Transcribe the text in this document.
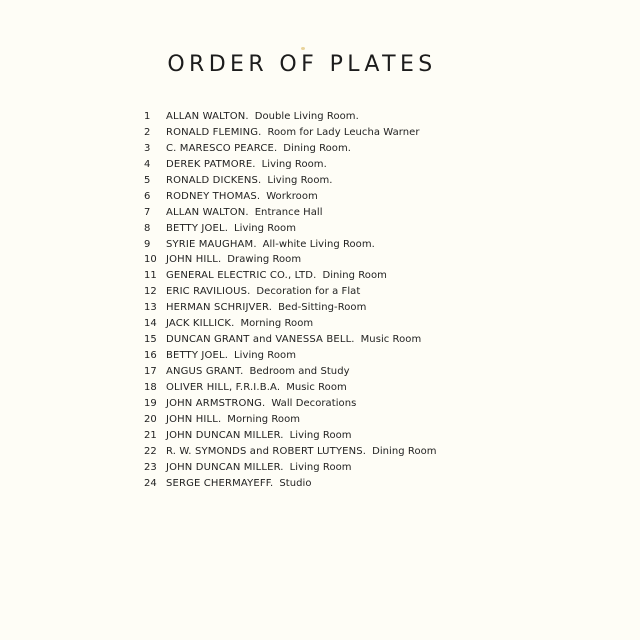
ORDER OF PLATES
1	ALLAN WALTON. Double Living Room.
2	RONALD FLEMING. Room for Lady Leucha Warner
3	C. MARESCO PEARCE. Dining Room.
4	DEREK PATMORE. Living Room.
5	RONALD DICKENS. Living Room.
6	RODNEY THOMAS. Workroom
7	ALLAN WALTON. Entrance Hall
8	BETTY JOEL. Living Room
9	SYRIE MAUGHAM. All-white Living Room.
10 JOHN HILL. Drawing Room
11 GENERAL ELECTRIC CO., LTD. Dining Room
12 ERIC RAVILIOUS. Decoration for a Flat
13 HERMAN SCHRIJVER. Bed-Sitting-Room
14 JACK KILLICK. Morning Room
15 DUNCAN GRANT and VANESSA BELL. Music Room
16 BETTY JOEL. Living Room
17 ANGUS GRANT. Bedroom and Study
18 OLIVER HILL, F.R.I.B.A. Music Room
19 JOHN ARMSTRONG. Wall Decorations
20 JOHN HILL. Morning Room
21 JOHN DUNCAN MILLER. Living Room
22 R. W. SYMONDS and ROBERT LUTYENS. Dining Room
23 JOHN DUNCAN MILLER. Living Room
24 SERGE CHERMAYEFF. Studio
